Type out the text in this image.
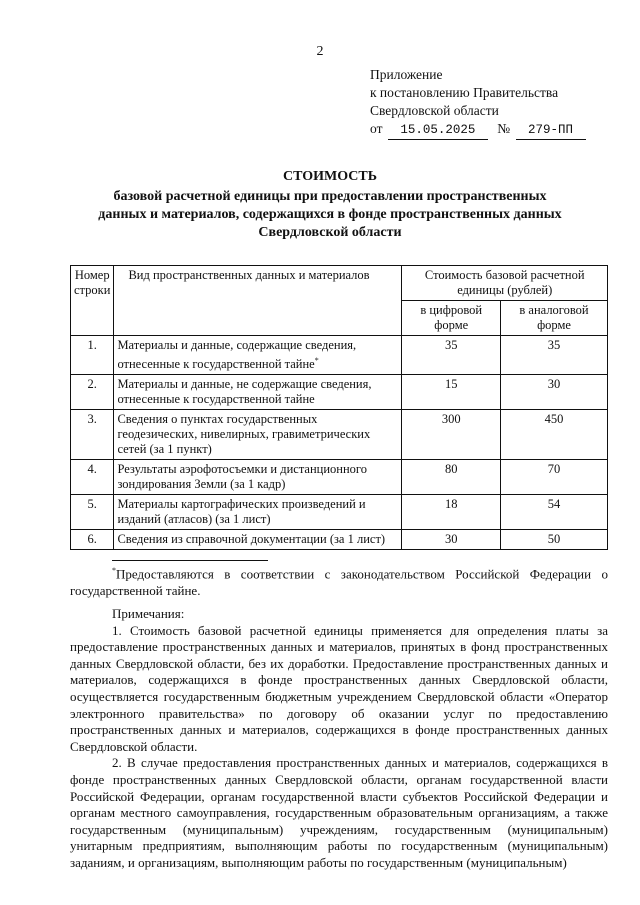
2
Приложение
к постановлению Правительства
Свердловской области
от 15.05.2025 № 279-ПП
СТОИМОСТЬ
базовой расчетной единицы при предоставлении пространственных
данных и материалов, содержащихся в фонде пространственных данных
Свердловской области
Номер строки	Вид пространственных данных и материалов	Стоимость базовой расчетной единицы (рублей)	
		в цифровой форме	в аналоговой форме
1.	Материалы и данные, содержащие сведения, отнесенные к государственной тайне*	35	35
2.	Материалы и данные, не содержащие сведения, отнесенные к государственной тайне	15	30
3.	Сведения о пунктах государственных геодезических, нивелирных, гравиметрических сетей (за 1 пункт)	300	450
4.	Результаты аэрофотосъемки и дистанционного зондирования Земли (за 1 кадр)	80	70
5.	Материалы картографических произведений и изданий (атласов) (за 1 лист)	18	54
6.	Сведения из справочной документации (за 1 лист)	30	50
*Предоставляются в соответствии с законодательством Российской Федерации о государственной тайне.

Примечания:

1. Стоимость базовой расчетной единицы применяется для определения платы за предоставление пространственных данных и материалов, принятых в фонд пространственных данных Свердловской области, без их доработки. Предоставление пространственных данных и материалов, содержащихся в фонде пространственных данных Свердловской области, осуществляется государственным бюджетным учреждением Свердловской области «Оператор электронного правительства» по договору об оказании услуг по предоставлению пространственных данных и материалов, содержащихся в фонде пространственных данных Свердловской области.

2. В случае предоставления пространственных данных и материалов, содержащихся в фонде пространственных данных Свердловской области, органам государственной власти Российской Федерации, органам государственной власти субъектов Российской Федерации и органам местного самоуправления, государственным образовательным организациям, а также государственным (муниципальным) учреждениям, государственным (муниципальным) унитарным предприятиям, выполняющим работы по государственным (муниципальным) заданиям, и организациям, выполняющим работы по государственным (муниципальным)
